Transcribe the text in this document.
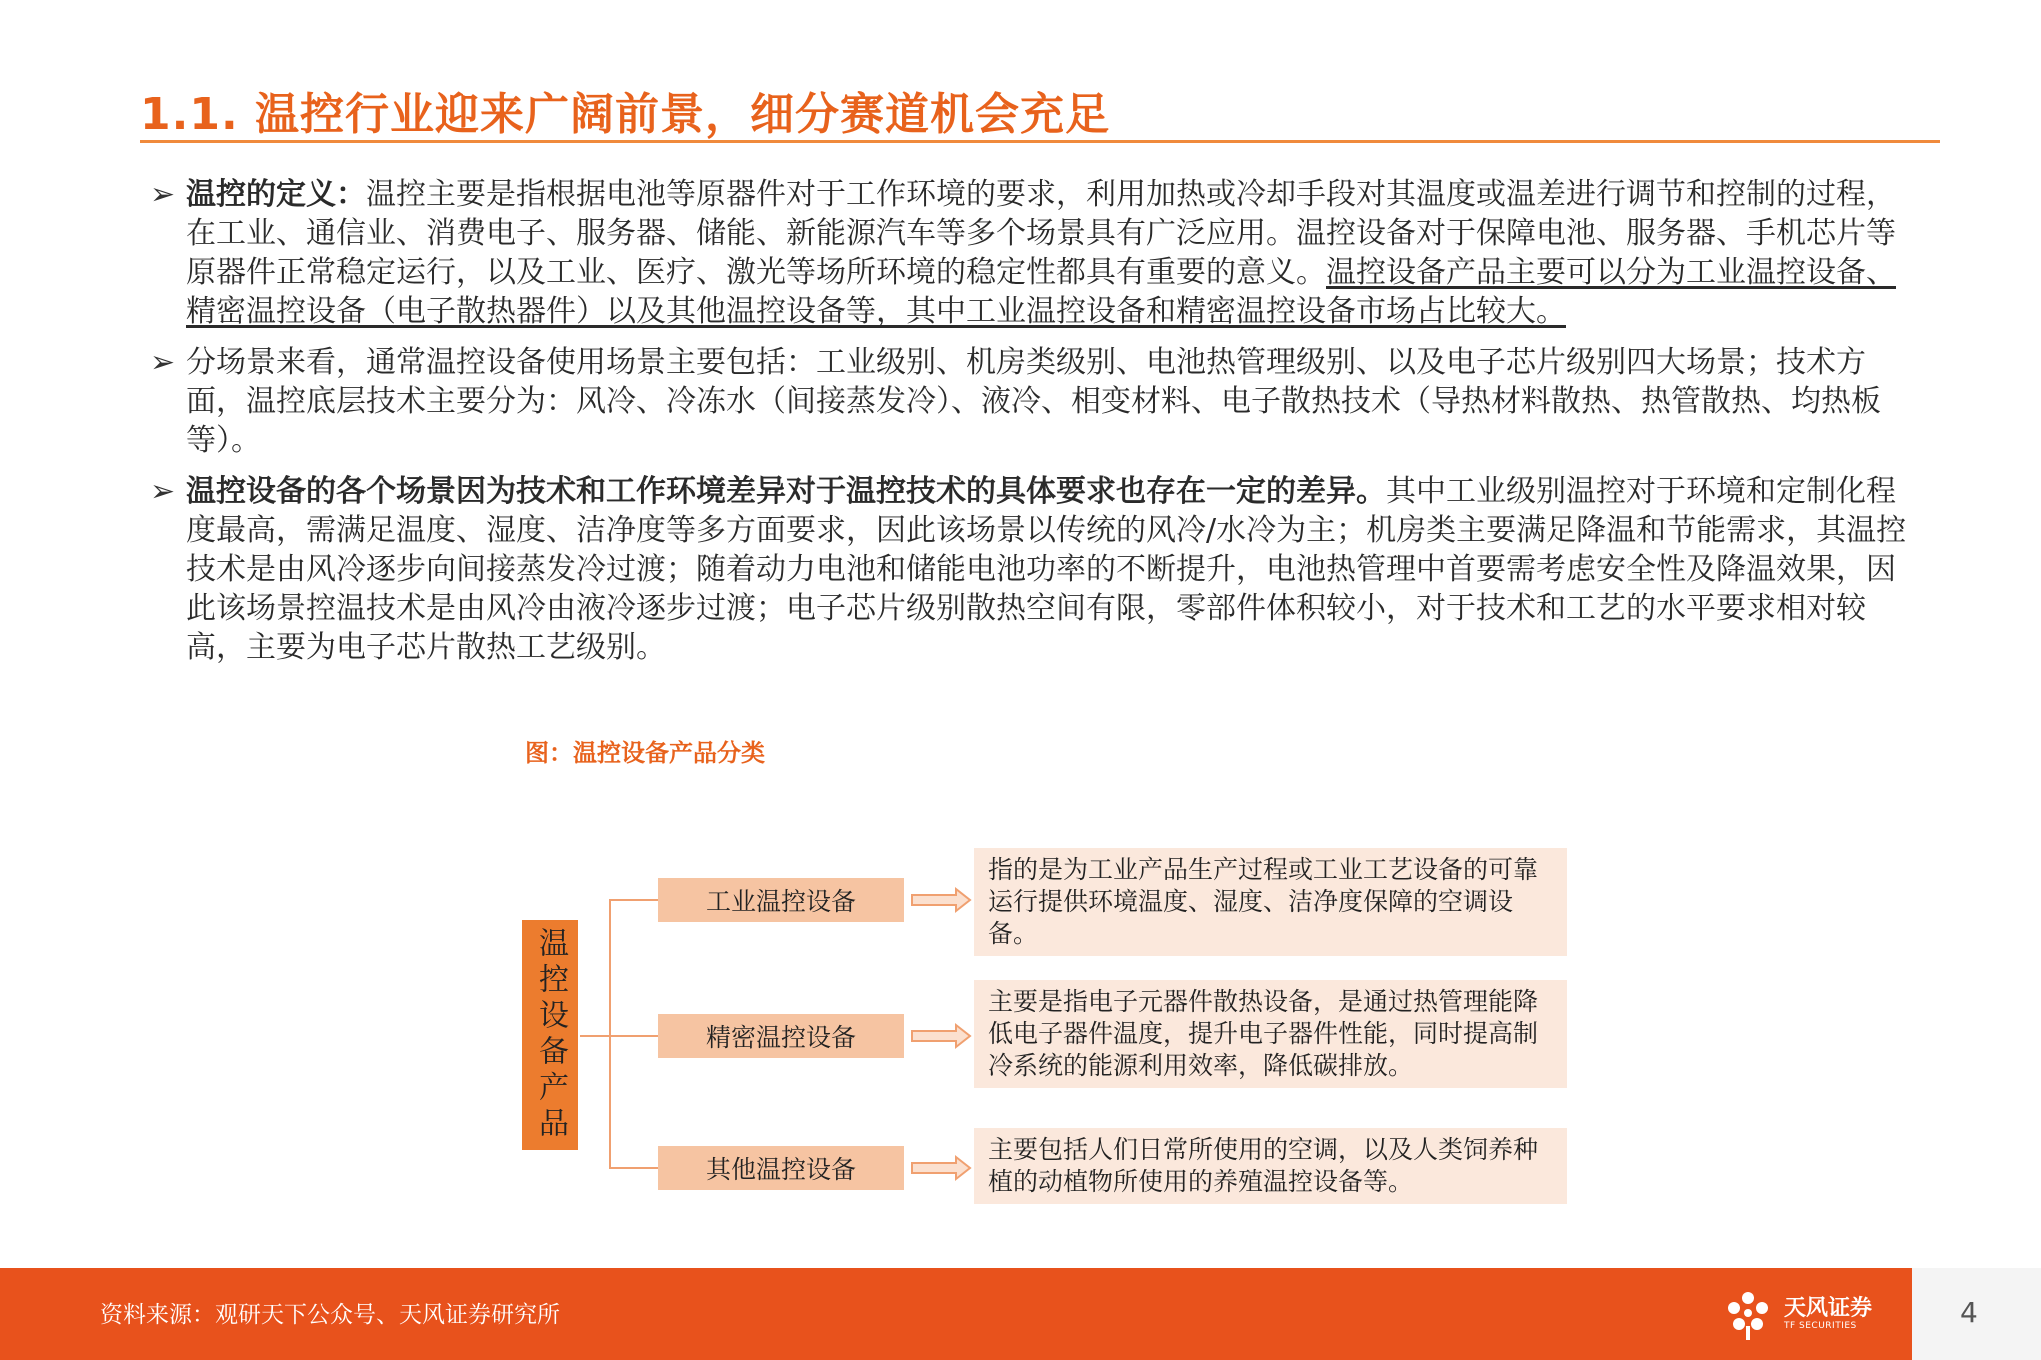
1.1. 温控行业迎来广阔前景，细分赛道机会充足
➢ 温控的定义：温控主要是指根据电池等原器件对于工作环境的要求，利用加热或冷却手段对其温度或温差进行调节和控制的过程，在工业、通信业、消费电子、服务器、储能、新能源汽车等多个场景具有广泛应用。温控设备对于保障电池、服务器、手机芯片等原器件正常稳定运行，以及工业、医疗、激光等场所环境的稳定性都具有重要的意义。温控设备产品主要可以分为工业温控设备、精密温控设备（电子散热器件）以及其他温控设备等，其中工业温控设备和精密温控设备市场占比较大。
➢ 分场景来看，通常温控设备使用场景主要包括：工业级别、机房类级别、电池热管理级别、以及电子芯片级别四大场景；技术方面，温控底层技术主要分为：风冷、冷冻水（间接蒸发冷）、液冷、相变材料、电子散热技术（导热材料散热、热管散热、均热板等）。
➢ 温控设备的各个场景因为技术和工作环境差异对于温控技术的具体要求也存在一定的差异。其中工业级别温控对于环境和定制化程度最高，需满足温度、湿度、洁净度等多方面要求，因此该场景以传统的风冷/水冷为主；机房类主要满足降温和节能需求，其温控技术是由风冷逐步向间接蒸发冷过渡；随着动力电池和储能电池功率的不断提升，电池热管理中首要需考虑安全性及降温效果，因此该场景控温技术是由风冷由液冷逐步过渡；电子芯片级别散热空间有限，零部件体积较小，对于技术和工艺的水平要求相对较高，主要为电子芯片散热工艺级别。
图：温控设备产品分类
温控设备产品
工业温控设备
精密温控设备
其他温控设备
指的是为工业产品生产过程或工业工艺设备的可靠运行提供环境温度、湿度、洁净度保障的空调设备。
主要是指电子元器件散热设备，是通过热管理能降低电子器件温度，提升电子器件性能，同时提高制冷系统的能源利用效率，降低碳排放。
主要包括人们日常所使用的空调，以及人类饲养种植的动植物所使用的养殖温控设备等。
资料来源：观研天下公众号、天风证券研究所	天风证券
TF SECURITIES	4
